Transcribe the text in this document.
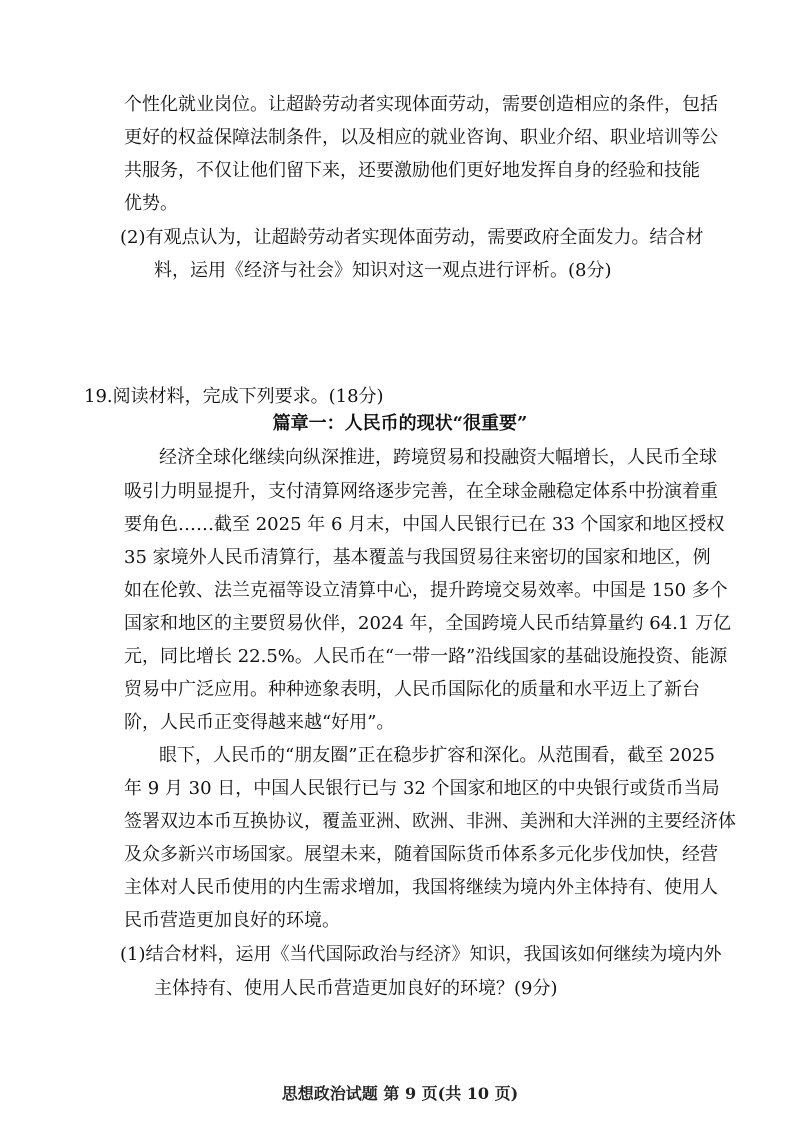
个性化就业岗位。让超龄劳动者实现体面劳动，需要创造相应的条件，包括
更好的权益保障法制条件，以及相应的就业咨询、职业介绍、职业培训等公
共服务，不仅让他们留下来，还要激励他们更好地发挥自身的经验和技能
优势。
(2)有观点认为，让超龄劳动者实现体面劳动，需要政府全面发力。结合材
料，运用《经济与社会》知识对这一观点进行评析。(8分)
19.阅读材料，完成下列要求。(18分)
篇章一：人民币的现状“很重要”
经济全球化继续向纵深推进，跨境贸易和投融资大幅增长，人民币全球
吸引力明显提升，支付清算网络逐步完善，在全球金融稳定体系中扮演着重
要角色……截至 2025 年 6 月末，中国人民银行已在 33 个国家和地区授权
35 家境外人民币清算行，基本覆盖与我国贸易往来密切的国家和地区，例
如在伦敦、法兰克福等设立清算中心，提升跨境交易效率。中国是 150 多个
国家和地区的主要贸易伙伴，2024 年，全国跨境人民币结算量约 64.1 万亿
元，同比增长 22.5%。人民币在“一带一路”沿线国家的基础设施投资、能源
贸易中广泛应用。种种迹象表明，人民币国际化的质量和水平迈上了新台
阶，人民币正变得越来越“好用”。
眼下，人民币的“朋友圈”正在稳步扩容和深化。从范围看，截至 2025
年 9 月 30 日，中国人民银行已与 32 个国家和地区的中央银行或货币当局
签署双边本币互换协议，覆盖亚洲、欧洲、非洲、美洲和大洋洲的主要经济体
及众多新兴市场国家。展望未来，随着国际货币体系多元化步伐加快，经营
主体对人民币使用的内生需求增加，我国将继续为境内外主体持有、使用人
民币营造更加良好的环境。
(1)结合材料，运用《当代国际政治与经济》知识，我国该如何继续为境内外
主体持有、使用人民币营造更加良好的环境？(9分)
思想政治试题 第 9 页(共 10 页)
